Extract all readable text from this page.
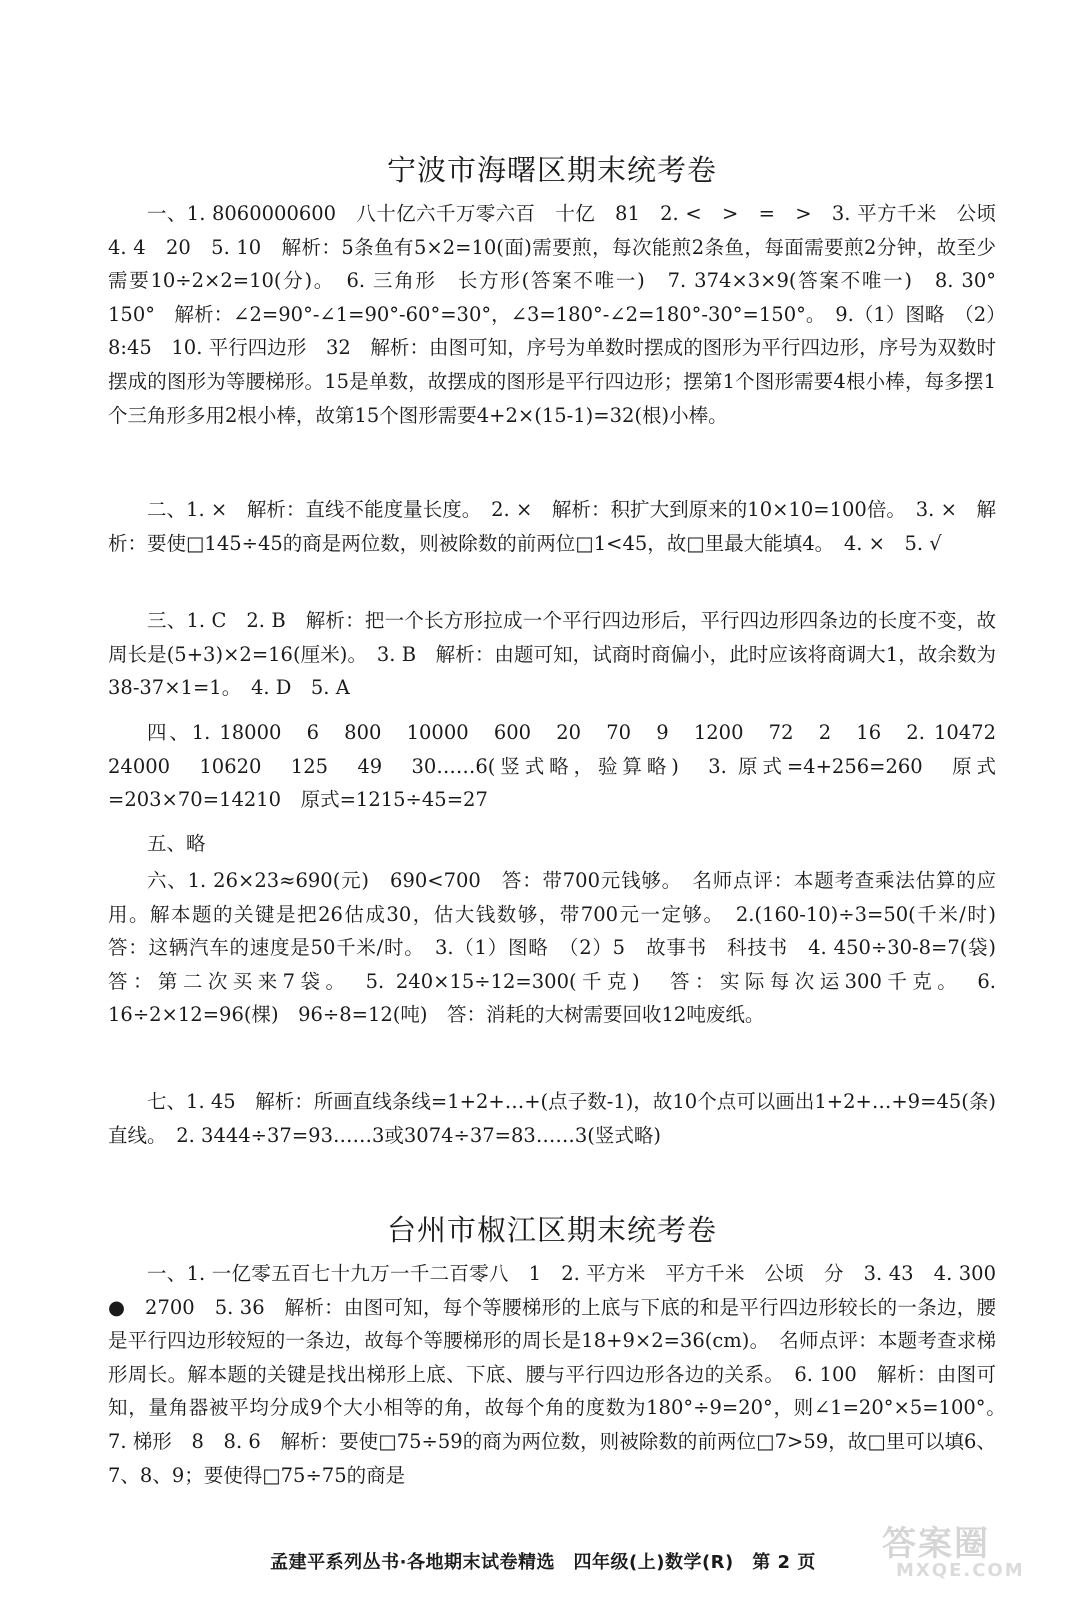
宁波市海曙区期末统考卷

一、1. 8060000600　八十亿六千万零六百　十亿　81　2. <　>　=　>　3. 平方千米　公顷　4. 4　20　5. 10　解析：5条鱼有5×2=10(面)需要煎，每次能煎2条鱼，每面需要煎2分钟，故至少需要10÷2×2=10(分)。　6. 三角形　长方形(答案不唯一)　7. 374×3×9(答案不唯一)　8. 30°　150°　解析：∠2=90°-∠1=90°-60°=30°，∠3=180°-∠2=180°-30°=150°。　9.（1）图略　（2）8:45　10. 平行四边形　32　解析：由图可知，序号为单数时摆成的图形为平行四边形，序号为双数时摆成的图形为等腰梯形。15是单数，故摆成的图形是平行四边形；摆第1个图形需要4根小棒，每多摆1个三角形多用2根小棒，故第15个图形需要4+2×(15-1)=32(根)小棒。

二、1. ×　解析：直线不能度量长度。　2. ×　解析：积扩大到原来的10×10=100倍。　3. ×　解析：要使□145÷45的商是两位数，则被除数的前两位□1<45，故□里最大能填4。　4. ×　5. √

三、1. C　2. B　解析：把一个长方形拉成一个平行四边形后，平行四边形四条边的长度不变，故周长是(5+3)×2=16(厘米)。　3. B　解析：由题可知，试商时商偏小，此时应该将商调大1，故余数为38-37×1=1。　4. D　5. A

四、1. 18000　6　800　10000　600　20　70　9　1200　72　2　16　2. 10472　24000　10620　125　49　30……6(竖式略，验算略)　3. 原式=4+256=260　原式=203×70=14210　原式=1215÷45=27

五、略

六、1. 26×23≈690(元)　690<700　答：带700元钱够。　名师点评：本题考查乘法估算的应用。解本题的关键是把26估成30，估大钱数够，带700元一定够。　2.(160-10)÷3=50(千米/时)　答：这辆汽车的速度是50千米/时。　3.（1）图略　（2）5　故事书　科技书　4. 450÷30-8=7(袋)　答：第二次买来7袋。　5. 240×15÷12=300(千克)　答：实际每次运300千克。　6. 16÷2×12=96(棵)　96÷8=12(吨)　答：消耗的大树需要回收12吨废纸。

七、1. 45　解析：所画直线条线=1+2+…+(点子数-1)，故10个点可以画出1+2+…+9=45(条)直线。　2. 3444÷37=93……3或3074÷37=83……3(竖式略)

台州市椒江区期末统考卷

一、1. 一亿零五百七十九万一千二百零八　1　2. 平方米　平方千米　公顷　分　3. 43　4. 300　●　2700　5. 36　解析：由图可知，每个等腰梯形的上底与下底的和是平行四边形较长的一条边，腰是平行四边形较短的一条边，故每个等腰梯形的周长是18+9×2=36(cm)。　名师点评：本题考查求梯形周长。解本题的关键是找出梯形上底、下底、腰与平行四边形各边的关系。　6. 100　解析：由图可知，量角器被平均分成9个大小相等的角，故每个角的度数为180°÷9=20°，则∠1=20°×5=100°。　7. 梯形　8　8. 6　解析：要使□75÷59的商为两位数，则被除数的前两位□7>59，故□里可以填6、7、8、9；要使得□75÷75的商是

孟建平系列丛书·各地期末试卷精选　四年级(上)数学(R)　第 2 页	答案圈
MXQE.COM
